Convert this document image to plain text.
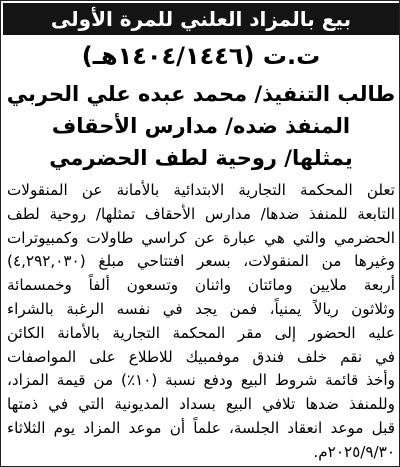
بيع بالمزاد العلني للمرة الأولى
ت.ت (١٤٠٤/١٤٤٦هـ)
طالب التنفيذ/ محمد عبده علي الحربي
المنفذ ضده/ مدارس الأحقاف
يمثلها/ روحية لطف الحضرمي
تعلن المحكمة التجارية الابتدائية بالأمانة عن المنقولات
التابعة للمنفذ ضدها/ مدارس الأحقاف تمثلها/ روحية لطف
الحضرمي والتي هي عبارة عن كراسي طاولات وكمبيوترات
وغيرها من المنقولات، بسعر افتتاحي مبلغ (٤,٢٩٢,٠٣٠)
أربعة ملايين ومائتان واثنان وتسعون ألفاً وخمسمائة
وثلاثون ريالاً يمنياً، فمن يجد في نفسه الرغبة بالشراء
عليه الحضور إلى مقر المحكمة التجارية بالأمانة الكائن
في نقم خلف فندق موفمبيك للاطلاع على المواصفات
وأخذ قائمة شروط البيع ودفع نسبة (١٠٪) من قيمة المزاد،
وللمنفذ ضدها تلافي البيع بسداد المديونية التي في ذمتها
قبل موعد انعقاد الجلسة، علماً أن موعد المزاد يوم الثلاثاء
٢٠٢٥/٩/٣٠م.
